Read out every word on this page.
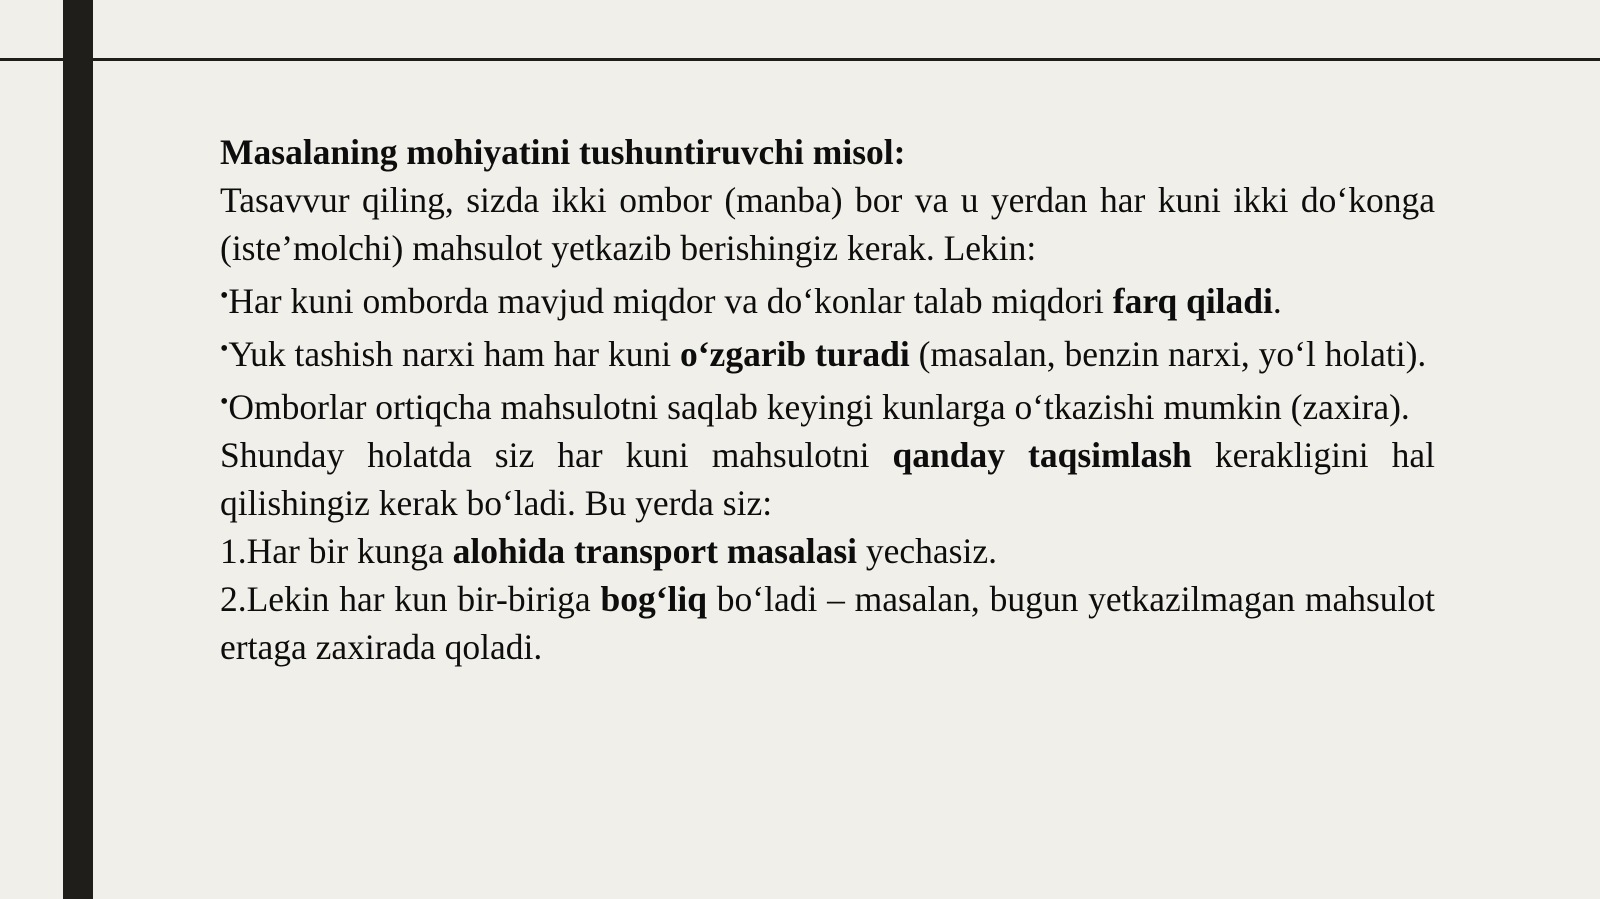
Masalaning mohiyatini tushuntiruvchi misol:

Tasavvur qiling, sizda ikki ombor (manba) bor va u yerdan har kuni ikki do‘konga (iste’molchi) mahsulot yetkazib berishingiz kerak. Lekin:

•Har kuni omborda mavjud miqdor va do‘konlar talab miqdori farq qiladi.

•Yuk tashish narxi ham har kuni o‘zgarib turadi (masalan, benzin narxi, yo‘l holati).

•Omborlar ortiqcha mahsulotni saqlab keyingi kunlarga o‘tkazishi mumkin (zaxira).

Shunday holatda siz har kuni mahsulotni qanday taqsimlash kerakligini hal qilishingiz kerak bo‘ladi. Bu yerda siz:

1.Har bir kunga alohida transport masalasi yechasiz.

2.Lekin har kun bir-biriga bog‘liq bo‘ladi – masalan, bugun yetkazilmagan mahsulot ertaga zaxirada qoladi.
